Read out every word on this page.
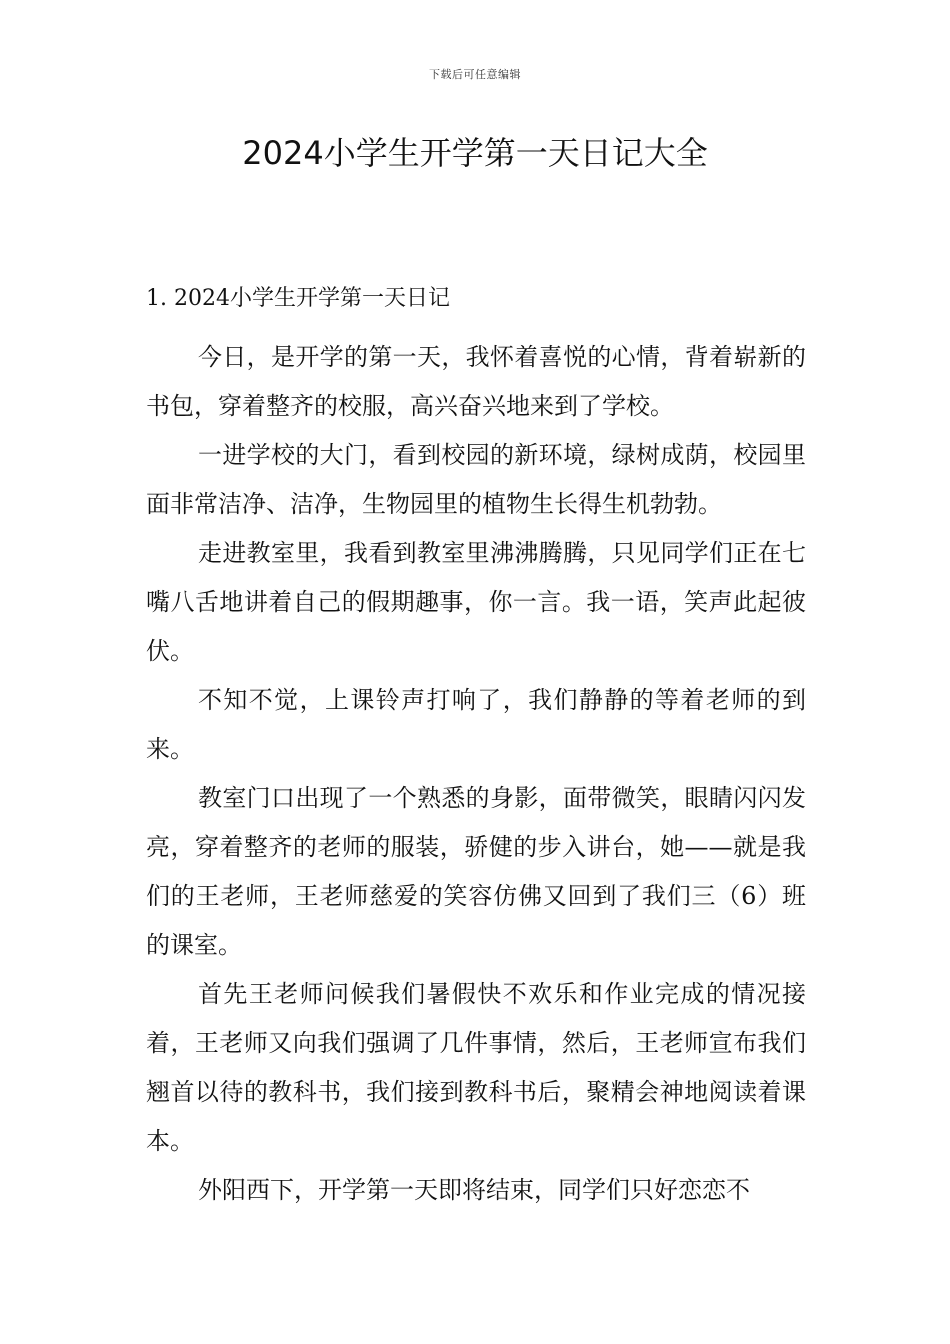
下载后可任意编辑
2024小学生开学第一天日记大全
1. 2024小学生开学第一天日记

今日，是开学的第一天，我怀着喜悦的心情，背着崭新的书包，穿着整齐的校服，高兴奋兴地来到了学校。

一进学校的大门，看到校园的新环境，绿树成荫，校园里面非常洁净、洁净，生物园里的植物生长得生机勃勃。

走进教室里，我看到教室里沸沸腾腾，只见同学们正在七嘴八舌地讲着自己的假期趣事，你一言。我一语，笑声此起彼伏。

不知不觉，上课铃声打响了，我们静静的等着老师的到来。

教室门口出现了一个熟悉的身影，面带微笑，眼睛闪闪发亮，穿着整齐的老师的服装，骄健的步入讲台，她——就是我们的王老师，王老师慈爱的笑容仿佛又回到了我们三（6）班的课室。

首先王老师问候我们暑假快不欢乐和作业完成的情况接着，王老师又向我们强调了几件事情，然后，王老师宣布我们翘首以待的教科书，我们接到教科书后，聚精会神地阅读着课本。

外阳西下，开学第一天即将结束，同学们只好恋恋不
